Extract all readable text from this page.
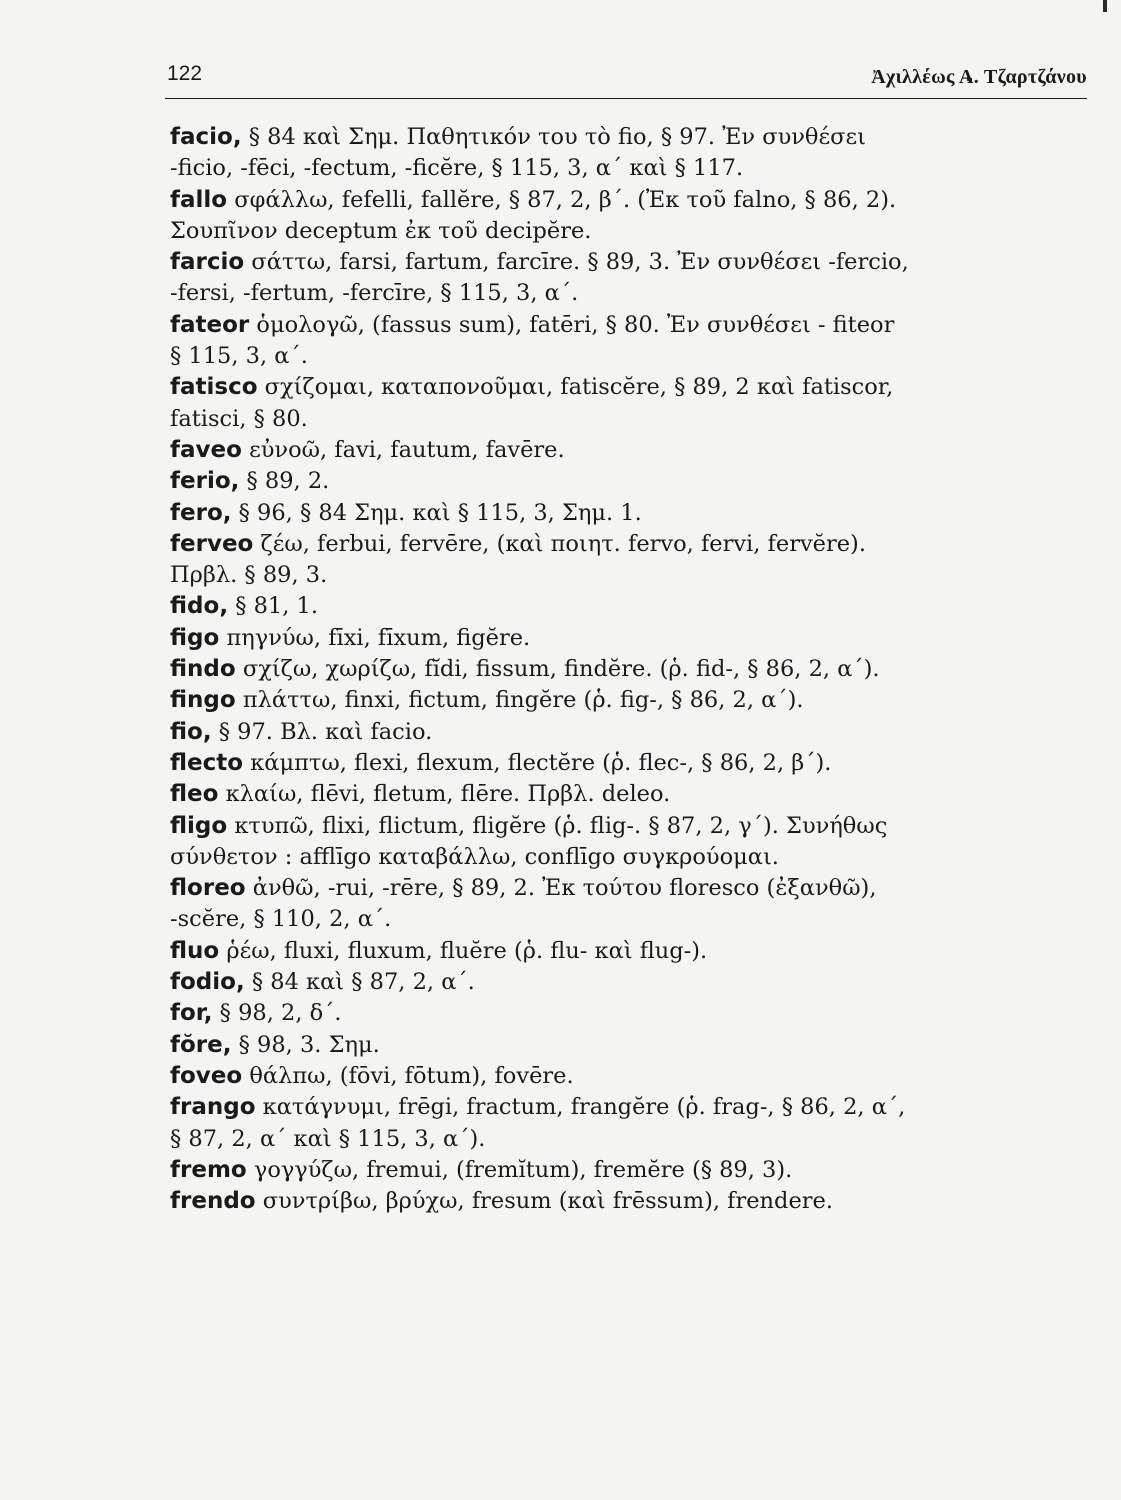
122	Ἀχιλλέως Α. Τζαρτζάνου
facio, § 84 καὶ Σημ. Παθητικόν του τὸ fio, § 97. Ἐν συνθέσει
-ficio, -fēci, -fectum, -ficĕre, § 115, 3, α΄ καὶ § 117.
fallo σφάλλω, fefelli, fallĕre, § 87, 2, β΄. (Ἐκ τοῦ falno, § 86, 2).
Σουπῖνον deceptum ἐκ τοῦ decipĕre.
farcio σάττω, farsi, fartum, farcīre. § 89, 3. Ἐν συνθέσει -fercio,
-fersi, -fertum, -fercīre, § 115, 3, α΄.
fateor ὁμολογῶ, (fassus sum), fatēri, § 80. Ἐν συνθέσει - fiteor
§ 115, 3, α΄.
fatisco σχίζομαι, καταπονοῦμαι, fatiscĕre, § 89, 2 καὶ fatiscor,
fatisci, § 80.
faveo εὐνοῶ, favi, fautum, favēre.
ferio, § 89, 2.
fero, § 96, § 84 Σημ. καὶ § 115, 3, Σημ. 1.
ferveo ζέω, ferbui, fervēre, (καὶ ποιητ. fervo, fervi, fervĕre).
Πρβλ. § 89, 3.
fido, § 81, 1.
figo πηγνύω, fīxi, fīxum, figĕre.
findo σχίζω, χωρίζω, fĭdi, fissum, findĕre. (ῥ. fid-, § 86, 2, α΄).
fingo πλάττω, finxi, fictum, fingĕre (ῥ. fig-, § 86, 2, α΄).
fio, § 97. Βλ. καὶ facio.
flecto κάμπτω, flexi, flexum, flectĕre (ῥ. flec-, § 86, 2, β΄).
fleo κλαίω, flēvi, fletum, flēre. Πρβλ. deleo.
fligo κτυπῶ, flixi, flictum, fligĕre (ῥ. flig-. § 87, 2, γ΄). Συνήθως
σύνθετον : afflīgo καταβάλλω, conflīgo συγκρούομαι.
floreo ἀνθῶ, -rui, -rēre, § 89, 2. Ἐκ τούτου floresco (ἐξανθῶ),
-scĕre, § 110, 2, α΄.
fluo ῥέω, fluxi, fluxum, fluĕre (ῥ. flu- καὶ flug-).
fodio, § 84 καὶ § 87, 2, α΄.
for, § 98, 2, δ΄.
fŏre, § 98, 3. Σημ.
foveo θάλπω, (fōvi, fōtum), fovēre.
frango κατάγνυμι, frēgi, fractum, frangĕre (ῥ. frag-, § 86, 2, α΄,
§ 87, 2, α΄ καὶ § 115, 3, α΄).
fremo γογγύζω, fremui, (fremĭtum), fremĕre (§ 89, 3).
frendo συντρίβω, βρύχω, fresum (καὶ frēssum), frendere.
